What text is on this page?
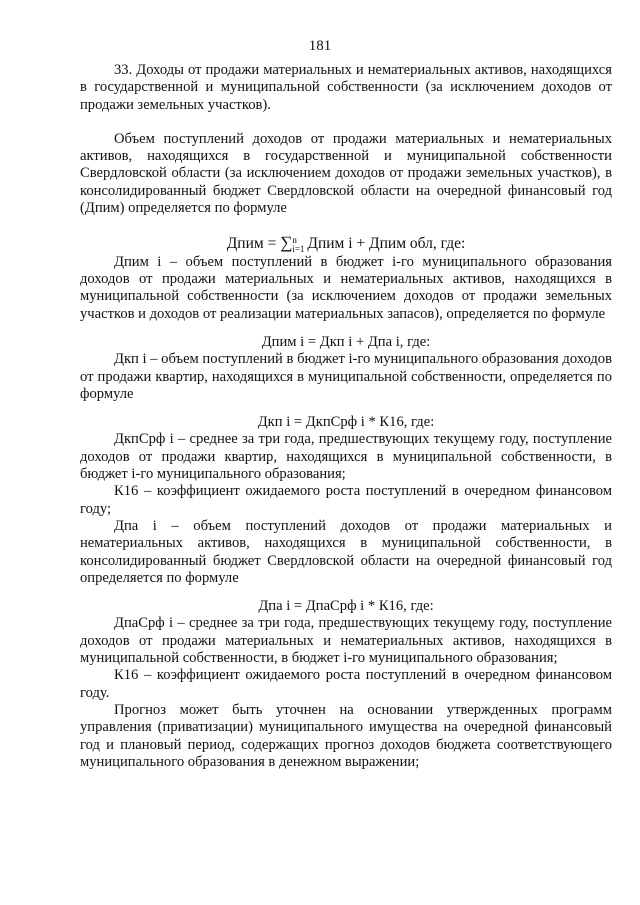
181

33. Доходы от продажи материальных и нематериальных активов, находящихся в государственной и муниципальной собственности (за исключением доходов от продажи земельных участков).

Объем поступлений доходов от продажи материальных и нематериальных активов, находящихся в государственной и муниципальной собственности Свердловской области (за исключением доходов от продажи земельных участков), в консолидированный бюджет Свердловской области на очередной финансовый год (Дпим) определяется по формуле

Дпим = ∑ n
i=1 Дпим i + Дпим обл, где:

Дпим i – объем поступлений в бюджет i-го муниципального образования доходов от продажи материальных и нематериальных активов, находящихся в муниципальной собственности (за исключением доходов от продажи земельных участков и доходов от реализации материальных запасов), определяется по формуле

Дпим i = Дкп i + Дпа i, где:

Дкп i – объем поступлений в бюджет i-го муниципального образования доходов от продажи квартир, находящихся в муниципальной собственности, определяется по формуле

Дкп i = ДкпСрф i * К16, где:

ДкпСрф i – среднее за три года, предшествующих текущему году, поступление доходов от продажи квартир, находящихся в муниципальной собственности, в бюджет i-го муниципального образования;

К16 – коэффициент ожидаемого роста поступлений в очередном финансовом году;

Дпа i – объем поступлений доходов от продажи материальных и нематериальных активов, находящихся в муниципальной собственности, в консолидированный бюджет Свердловской области на очередной финансовый год определяется по формуле

Дпа i = ДпаСрф i * К16, где:

ДпаСрф i – среднее за три года, предшествующих текущему году, поступление доходов от продажи материальных и нематериальных активов, находящихся в муниципальной собственности, в бюджет i-го муниципального образования;

К16 – коэффициент ожидаемого роста поступлений в очередном финансовом году.

Прогноз может быть уточнен на основании утвержденных программ управления (приватизации) муниципального имущества на очередной финансовый год и плановый период, содержащих прогноз доходов бюджета соответствующего муниципального образования в денежном выражении;
